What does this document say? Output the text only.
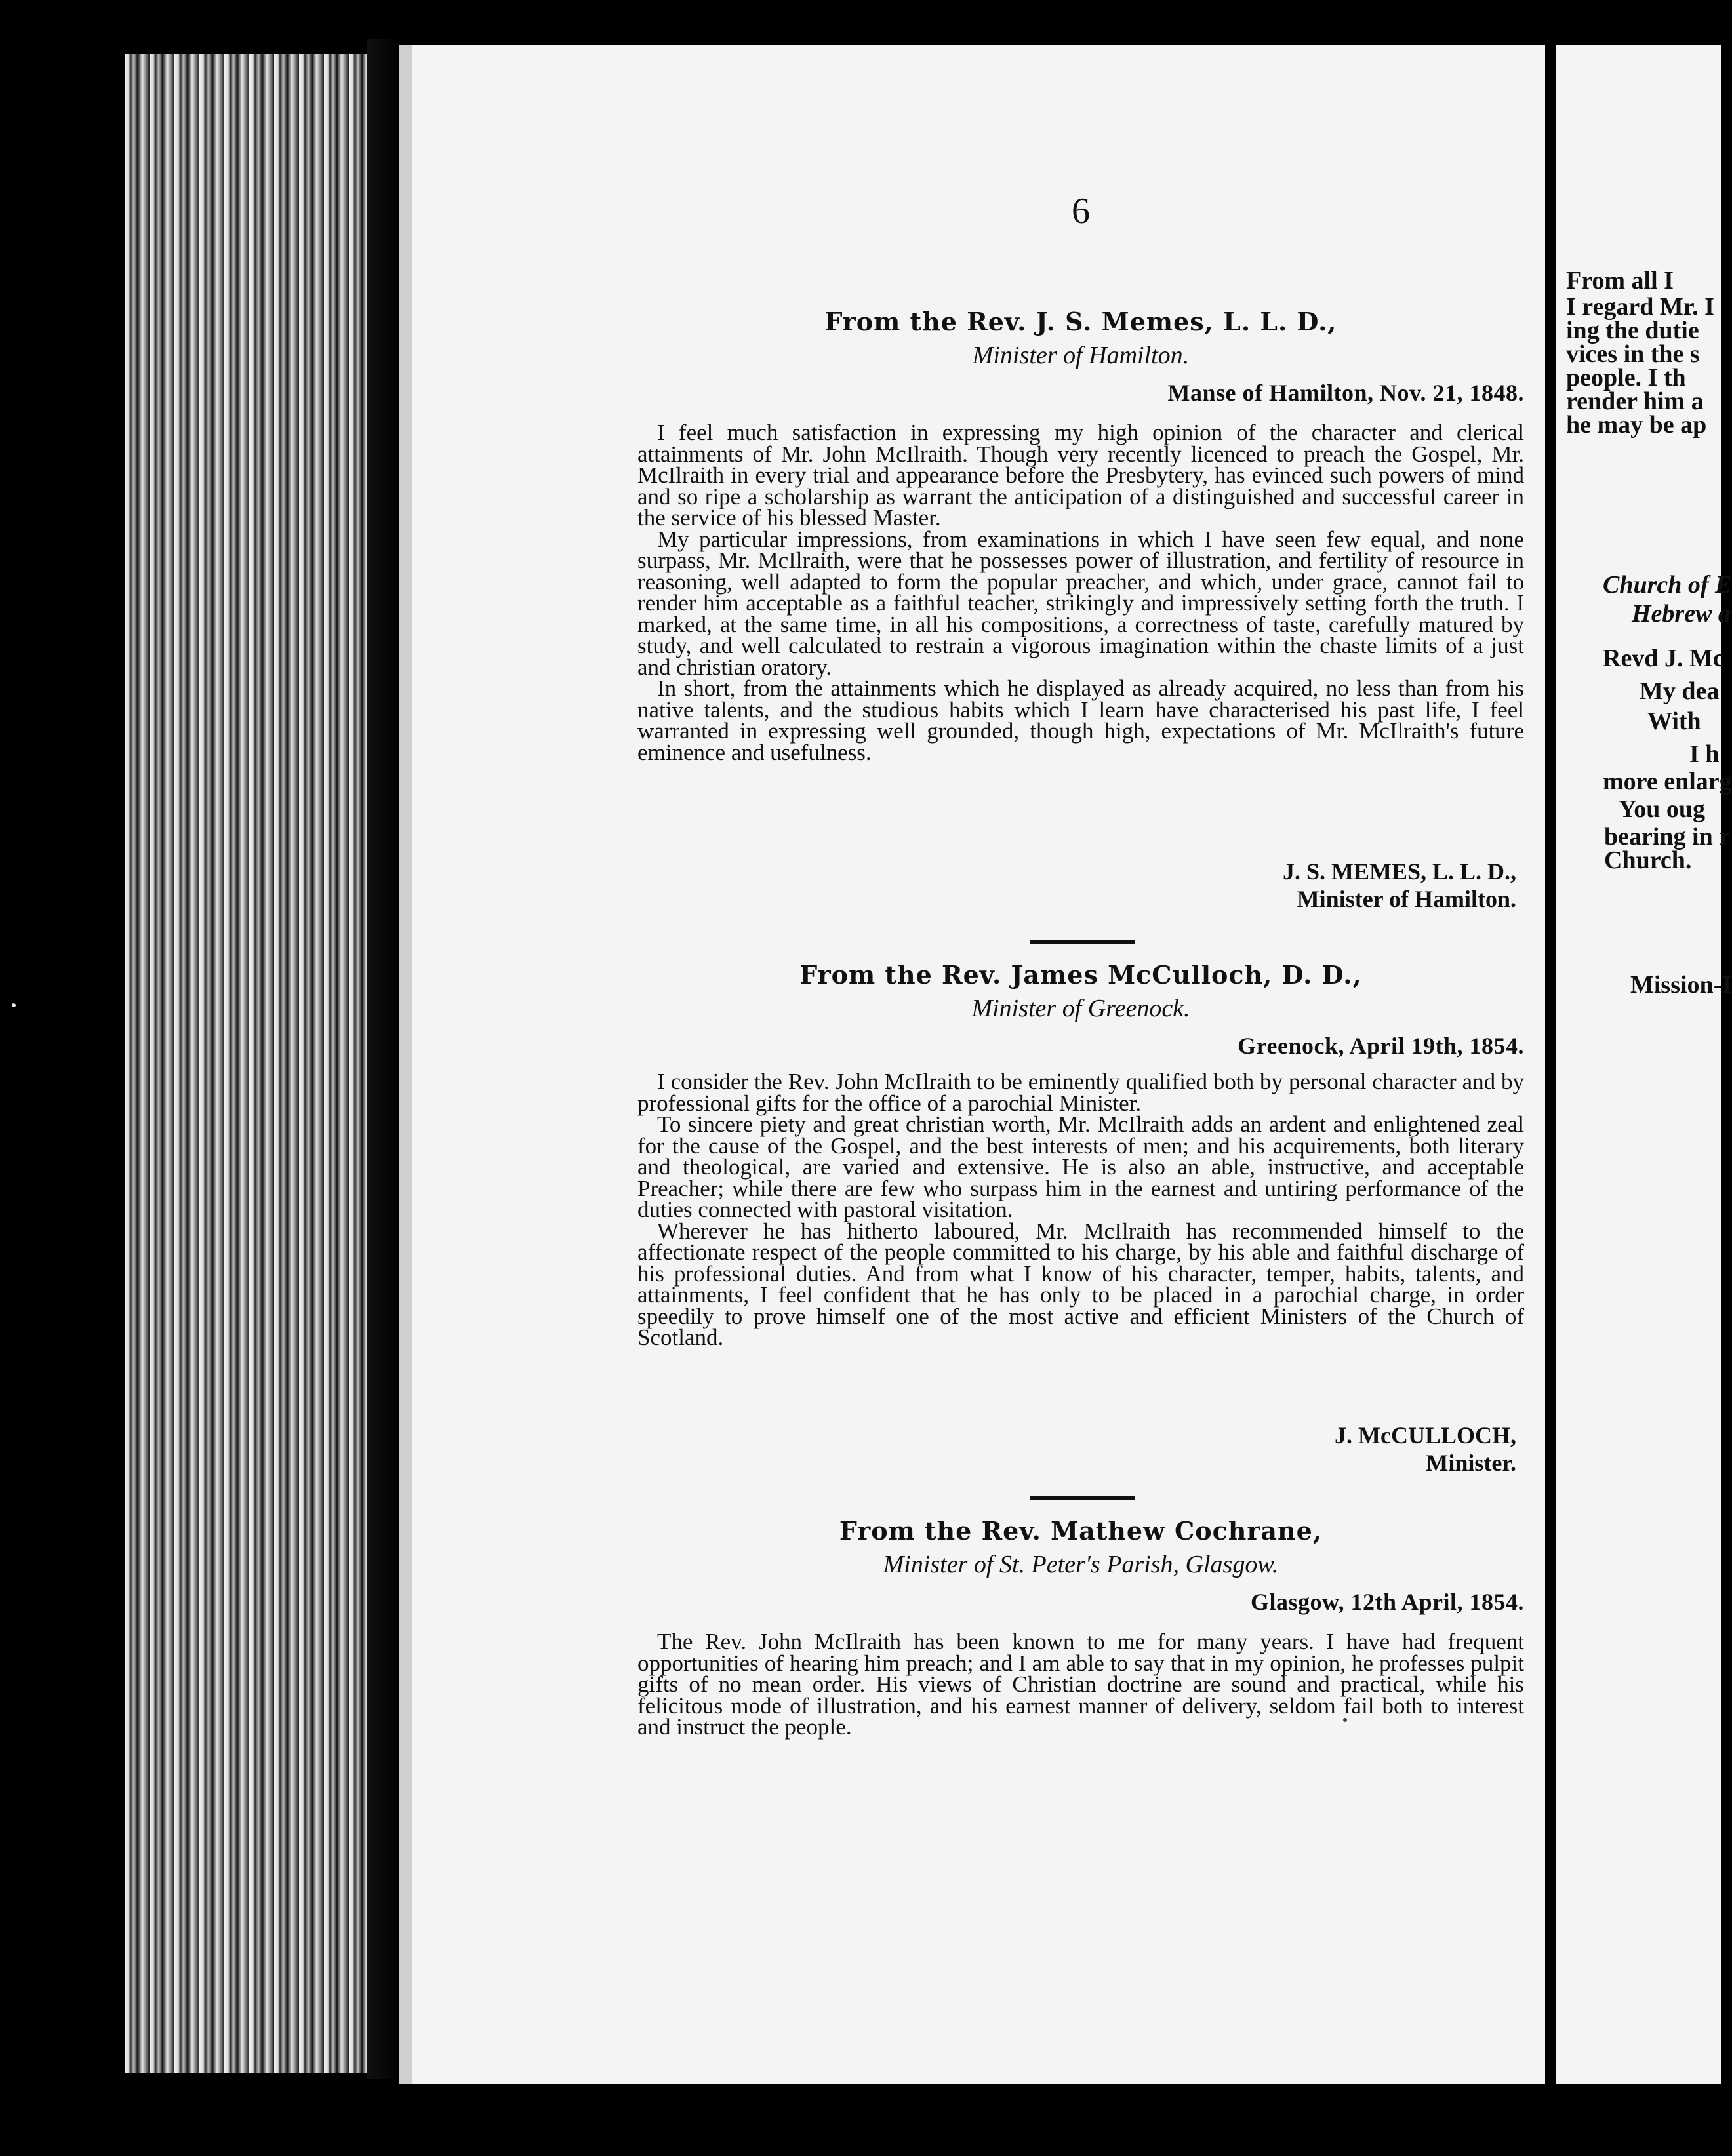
6
From the Rev. J. S. Memes, L. L. D.,
Minister of Hamilton.
Manse of Hamilton, Nov. 21, 1848.

I feel much satisfaction in expressing my high opinion of the character and clerical attainments of Mr. John McIlraith. Though very recently licenced to preach the Gospel, Mr. McIlraith in every trial and appearance before the Presbytery, has evinced such powers of mind and so ripe a scholarship as warrant the anticipation of a distinguished and successful career in the service of his blessed Master.

My particular impressions, from examinations in which I have seen few equal, and none surpass, Mr. McIlraith, were that he possesses power of illustration, and fertility of resource in reasoning, well adapted to form the popular preacher, and which, under grace, cannot fail to render him acceptable as a faithful teacher, strikingly and impressively setting forth the truth. I marked, at the same time, in all his compositions, a correctness of taste, carefully matured by study, and well calculated to restrain a vigorous imagination within the chaste limits of a just and christian oratory.

In short, from the attainments which he displayed as already acquired, no less than from his native talents, and the studious habits which I learn have characterised his past life, I feel warranted in expressing well grounded, though high, expectations of Mr. McIlraith's future eminence and usefulness.

J. S. MEMES, L. L. D.,
Minister of Hamilton.
From the Rev. James McCulloch, D. D.,
Minister of Greenock.
Greenock, April 19th, 1854.

I consider the Rev. John McIlraith to be eminently qualified both by personal character and by professional gifts for the office of a parochial Minister.

To sincere piety and great christian worth, Mr. McIlraith adds an ardent and enlightened zeal for the cause of the Gospel, and the best interests of men; and his acquirements, both literary and theological, are varied and extensive. He is also an able, instructive, and acceptable Preacher; while there are few who surpass him in the earnest and untiring performance of the duties connected with pastoral visitation.

Wherever he has hitherto laboured, Mr. McIlraith has recommended himself to the affectionate respect of the people committed to his charge, by his able and faithful discharge of his professional duties. And from what I know of his character, temper, habits, talents, and attainments, I feel confident that he has only to be placed in a parochial charge, in order speedily to prove himself one of the most active and efficient Ministers of the Church of Scotland.

J. McCULLOCH,
Minister.
From the Rev. Mathew Cochrane,
Minister of St. Peter's Parish, Glasgow.
Glasgow, 12th April, 1854.

The Rev. John McIlraith has been known to me for many years. I have had frequent opportunities of hearing him preach; and I am able to say that in my opinion, he professes pulpit gifts of no mean order. His views of Christian doctrine are sound and practical, while his felicitous mode of illustration, and his earnest manner of delivery, seldom fail both to interest and instruct the people.

From all I
I regard Mr. I
ing the dutie
vices in the s
people. I th
render him a
he may be ap
Church of E
Hebrew a
Revd J. Mc
My dea
With
I h
more enlarg
You oug
bearing in r
Church.
Mission-I
